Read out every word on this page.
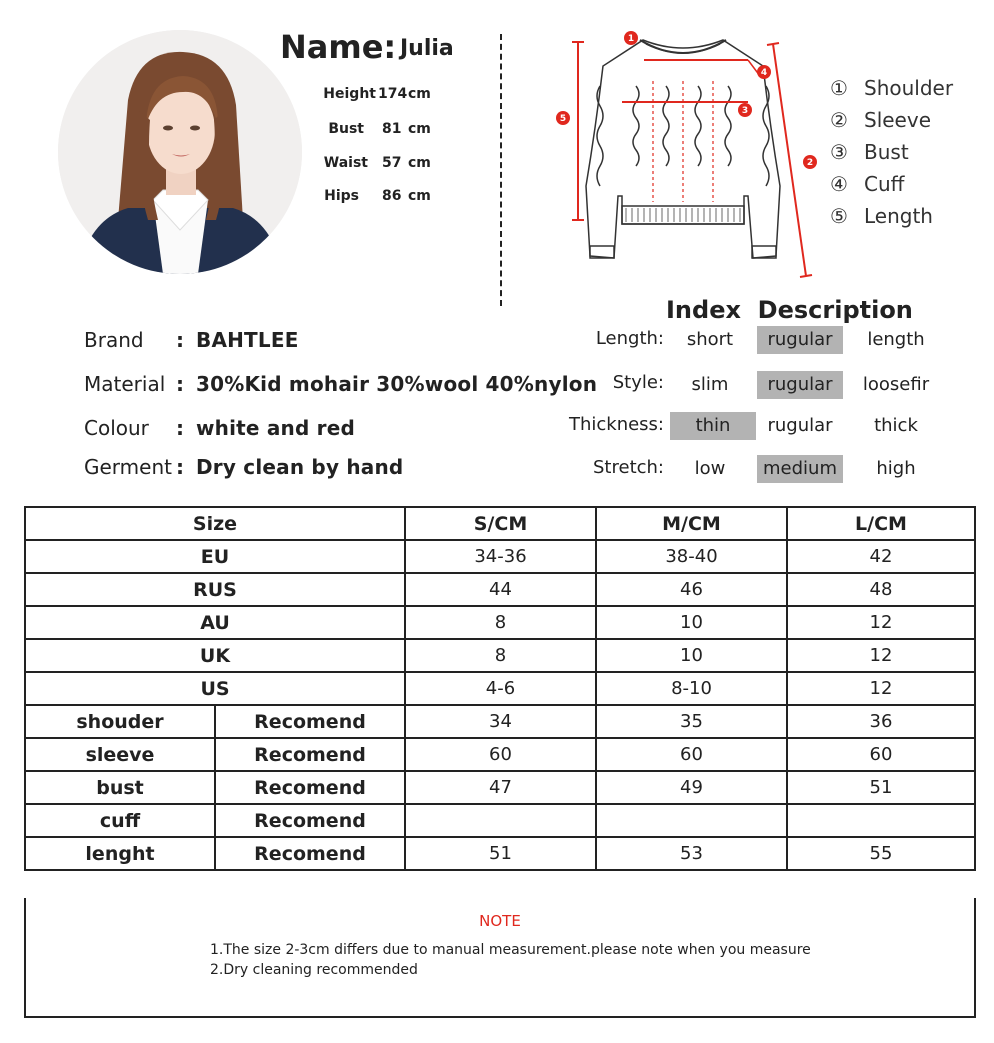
Name: Julia
Height 174 cm
Bust 81 cm
Waist 57 cm
Hips 86 cm
1
2
3
4
5
① Shoulder
② Sleeve
③ Bust
④ Cuff
⑤ Length
Index  Description
Brand : BAHTLEE
Material : 30%Kid mohair 30%wool 40%nylon
Colour : white and red
Germent : Dry clean by hand
Length:	short	rugular	length
Style:	slim	rugular	loosefir
Thickness:	thin	rugular	thick
Stretch:	low	medium	high
Size		S/CM	M/CM	L/CM
EU		34-36	38-40	42
RUS		44	46	48
AU		8	10	12
UK		8	10	12
US		4-6	8-10	12
shouder	Recomend	34	35	36
sleeve	Recomend	60	60	60
bust	Recomend	47	49	51
cuff	Recomend			
lenght	Recomend	51	53	55
NOTE
1.The size 2-3cm differs due to manual measurement.please note when you measure
2.Dry cleaning recommended
